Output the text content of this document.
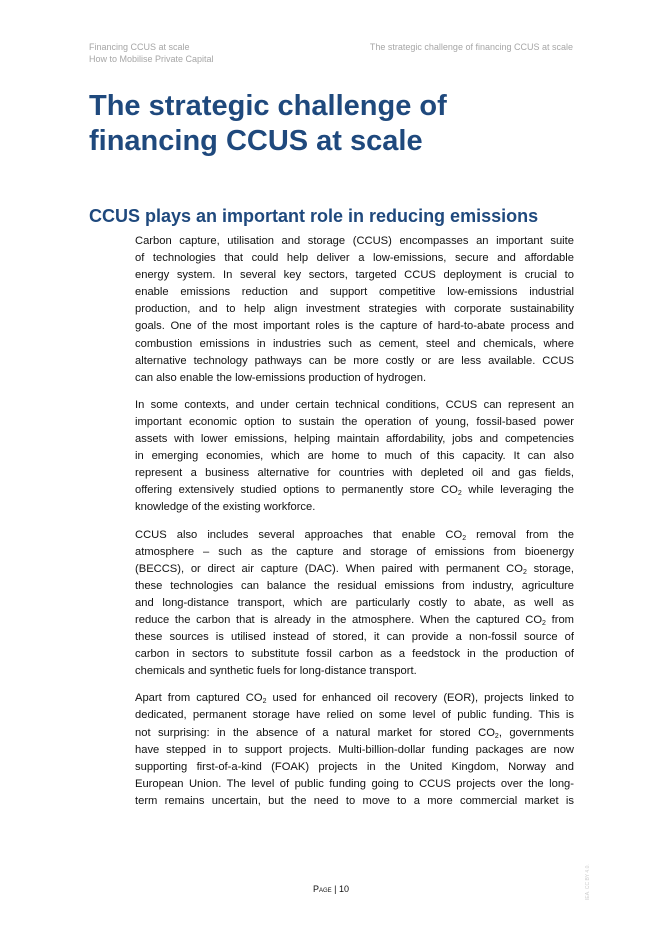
Financing CCUS at scale
How to Mobilise Private Capital
The strategic challenge of financing CCUS at scale
The strategic challenge of
financing CCUS at scale
CCUS plays an important role in reducing emissions

Carbon capture, utilisation and storage (CCUS) encompasses an important suite
of technologies that could help deliver a low-emissions, secure and affordable
energy system. In several key sectors, targeted CCUS deployment is crucial to
enable emissions reduction and support competitive low-emissions industrial
production, and to help align investment strategies with corporate sustainability
goals. One of the most important roles is the capture of hard-to-abate process and
combustion emissions in industries such as cement, steel and chemicals, where
alternative technology pathways can be more costly or are less available. CCUS
can also enable the low-emissions production of hydrogen.

In some contexts, and under certain technical conditions, CCUS can represent an
important economic option to sustain the operation of young, fossil-based power
assets with lower emissions, helping maintain affordability, jobs and competencies
in emerging economies, which are home to much of this capacity. It can also
represent a business alternative for countries with depleted oil and gas fields,
offering extensively studied options to permanently store $CO_2$ while leveraging the
knowledge of the existing workforce.

CCUS also includes several approaches that enable $CO_2$ removal from the
atmosphere – such as the capture and storage of emissions from bioenergy
(BECCS), or direct air capture (DAC). When paired with permanent $CO_2$ storage,
these technologies can balance the residual emissions from industry, agriculture
and long-distance transport, which are particularly costly to abate, as well as
reduce the carbon that is already in the atmosphere. When the captured $CO_2$ from
these sources is utilised instead of stored, it can provide a non-fossil source of
carbon in sectors to substitute fossil carbon as a feedstock in the production of
chemicals and synthetic fuels for long-distance transport.

Apart from captured $CO_2$ used for enhanced oil recovery (EOR), projects linked to
dedicated, permanent storage have relied on some level of public funding. This is
not surprising: in the absence of a natural market for stored $CO_2$, governments
have stepped in to support projects. Multi-billion-dollar funding packages are now
supporting first-of-a-kind (FOAK) projects in the United Kingdom, Norway and
European Union. The level of public funding going to CCUS projects over the long-
term remains uncertain, but the need to move to a more commercial market is

Page | 10	IEA. CC BY 4.0.
